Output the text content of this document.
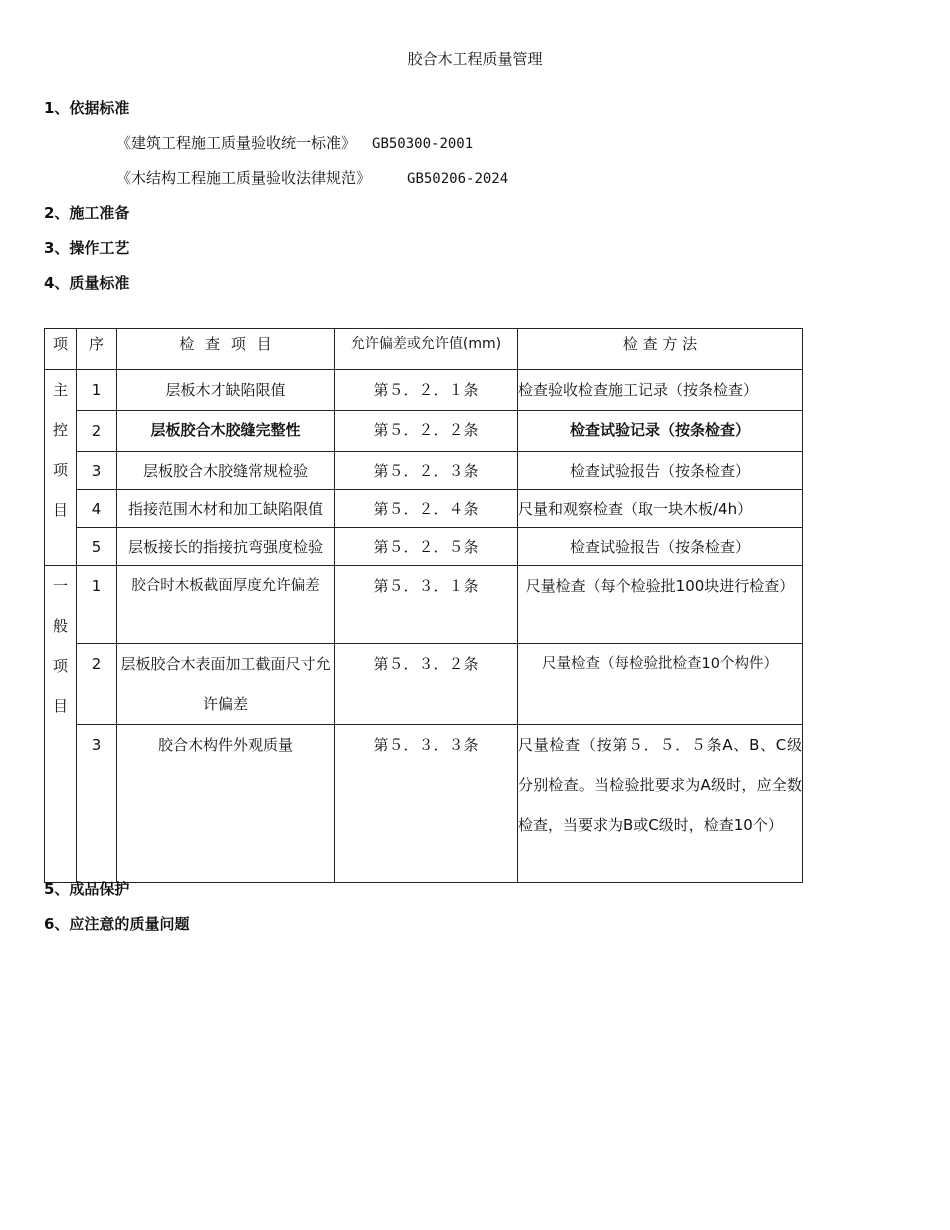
胶合木工程质量管理
1、依据标准
《建筑工程施工质量验收统一标准》 GB50300-2001
《木结构工程施工质量验收法律规范》	GB50206-2024
2、施工准备
3、操作工艺
4、质量标准
项	序	检 查 项 目	允许偏差或允许值(mm)	检 查 方 法

主控项目	1	层板木才缺陷限值	第５．２．１条	检查验收检查施工记录（按条检查）
	2	层板胶合木胶缝完整性	第５．２．２条	检查试验记录（按条检查）
	3	层板胶合木胶缝常规检验	第５．２．３条	检查试验报告（按条检查）
	4	指接范围木材和加工缺陷限值	第５．２．４条	尺量和观察检查（取一块木板/4h）
	5	层板接长的指接抗弯强度检验	第５．２．５条	检查试验报告（按条检查）

一般项目	1	胶合时木板截面厚度允许偏差	第５．３．１条	尺量检查（每个检验批100块进行检查）
	2	层板胶合木表面加工截面尺寸允许偏差	第５．３．２条	尺量检查（每检验批检查10个构件）
	3	胶合木构件外观质量	第５．３．３条	尺量检查（按第５．５．５条A、B、C级分别检查。当检验批要求为A级时，应全数检查，当要求为B或C级时，检查10个）
5、成品保护
6、应注意的质量问题
